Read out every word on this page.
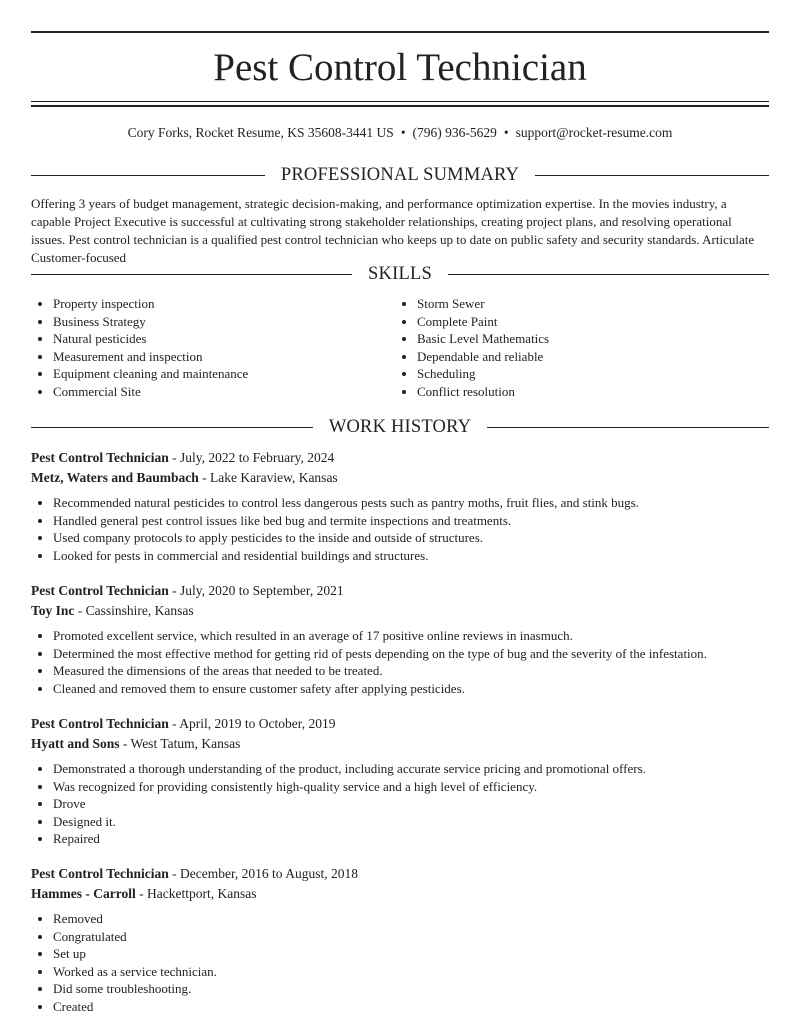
Pest Control Technician
Cory Forks, Rocket Resume, KS 35608-3441 US • (796) 936-5629 • support@rocket-resume.com
PROFESSIONAL SUMMARY
Offering 3 years of budget management, strategic decision-making, and performance optimization expertise. In the movies industry, a capable Project Executive is successful at cultivating strong stakeholder relationships, creating project plans, and resolving operational issues. Pest control technician is a qualified pest control technician who keeps up to date on public safety and security standards. Articulate Customer-focused
SKILLS
• Property inspection
• Business Strategy
• Natural pesticides
• Measurement and inspection
• Equipment cleaning and maintenance
• Commercial Site
• Storm Sewer
• Complete Paint
• Basic Level Mathematics
• Dependable and reliable
• Scheduling
• Conflict resolution
WORK HISTORY
Pest Control Technician - July, 2022 to February, 2024
Metz, Waters and Baumbach - Lake Karaview, Kansas
• Recommended natural pesticides to control less dangerous pests such as pantry moths, fruit flies, and stink bugs.
• Handled general pest control issues like bed bug and termite inspections and treatments.
• Used company protocols to apply pesticides to the inside and outside of structures.
• Looked for pests in commercial and residential buildings and structures.
Pest Control Technician - July, 2020 to September, 2021
Toy Inc - Cassinshire, Kansas
• Promoted excellent service, which resulted in an average of 17 positive online reviews in inasmuch.
• Determined the most effective method for getting rid of pests depending on the type of bug and the severity of the infestation.
• Measured the dimensions of the areas that needed to be treated.
• Cleaned and removed them to ensure customer safety after applying pesticides.
Pest Control Technician - April, 2019 to October, 2019
Hyatt and Sons - West Tatum, Kansas
• Demonstrated a thorough understanding of the product, including accurate service pricing and promotional offers.
• Was recognized for providing consistently high-quality service and a high level of efficiency.
• Drove
• Designed it.
• Repaired
Pest Control Technician - December, 2016 to August, 2018
Hammes - Carroll - Hackettport, Kansas
• Removed
• Congratulated
• Set up
• Worked as a service technician.
• Did some troubleshooting.
• Created
